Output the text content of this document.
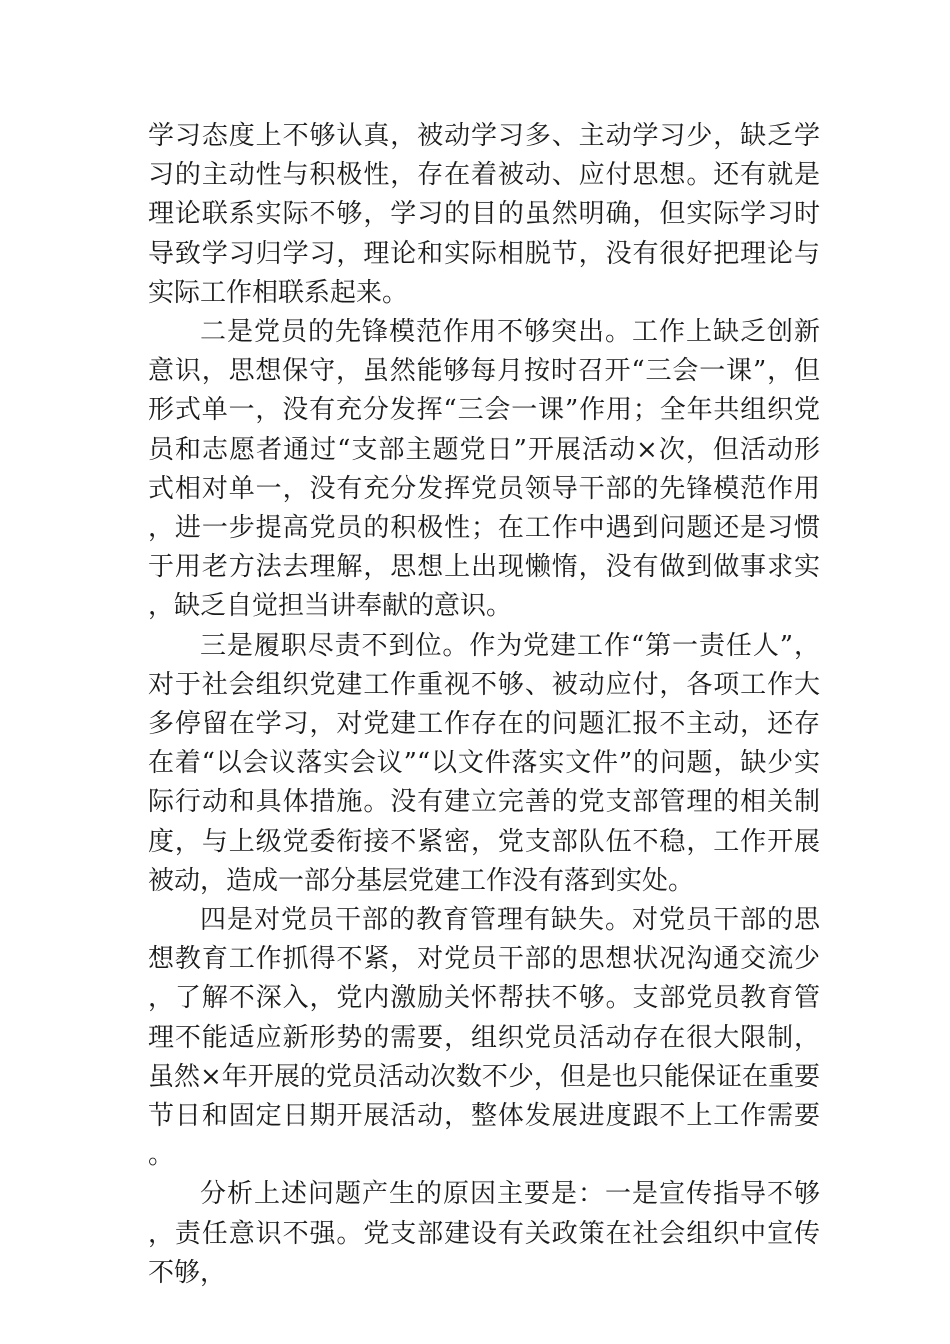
学习态度上不够认真，被动学习多、主动学习少，缺乏学习的主动性与积极性，存在着被动、应付思想。还有就是理论联系实际不够，学习的目的虽然明确，但实际学习时导致学习归学习，理论和实际相脱节，没有很好把理论与实际工作相联系起来。

二是党员的先锋模范作用不够突出。工作上缺乏创新意识，思想保守，虽然能够每月按时召开“三会一课”，但形式单一，没有充分发挥“三会一课”作用；全年共组织党员和志愿者通过“支部主题党日”开展活动×次，但活动形式相对单一，没有充分发挥党员领导干部的先锋模范作用，进一步提高党员的积极性；在工作中遇到问题还是习惯于用老方法去理解，思想上出现懒惰，没有做到做事求实，缺乏自觉担当讲奉献的意识。

三是履职尽责不到位。作为党建工作“第一责任人”，对于社会组织党建工作重视不够、被动应付，各项工作大多停留在学习，对党建工作存在的问题汇报不主动，还存在着“以会议落实会议”“以文件落实文件”的问题，缺少实际行动和具体措施。没有建立完善的党支部管理的相关制度，与上级党委衔接不紧密，党支部队伍不稳，工作开展被动，造成一部分基层党建工作没有落到实处。

四是对党员干部的教育管理有缺失。对党员干部的思想教育工作抓得不紧，对党员干部的思想状况沟通交流少，了解不深入，党内激励关怀帮扶不够。支部党员教育管理不能适应新形势的需要，组织党员活动存在很大限制，虽然×年开展的党员活动次数不少，但是也只能保证在重要节日和固定日期开展活动，整体发展进度跟不上工作需要。

分析上述问题产生的原因主要是：一是宣传指导不够，责任意识不强。党支部建设有关政策在社会组织中宣传不够，
